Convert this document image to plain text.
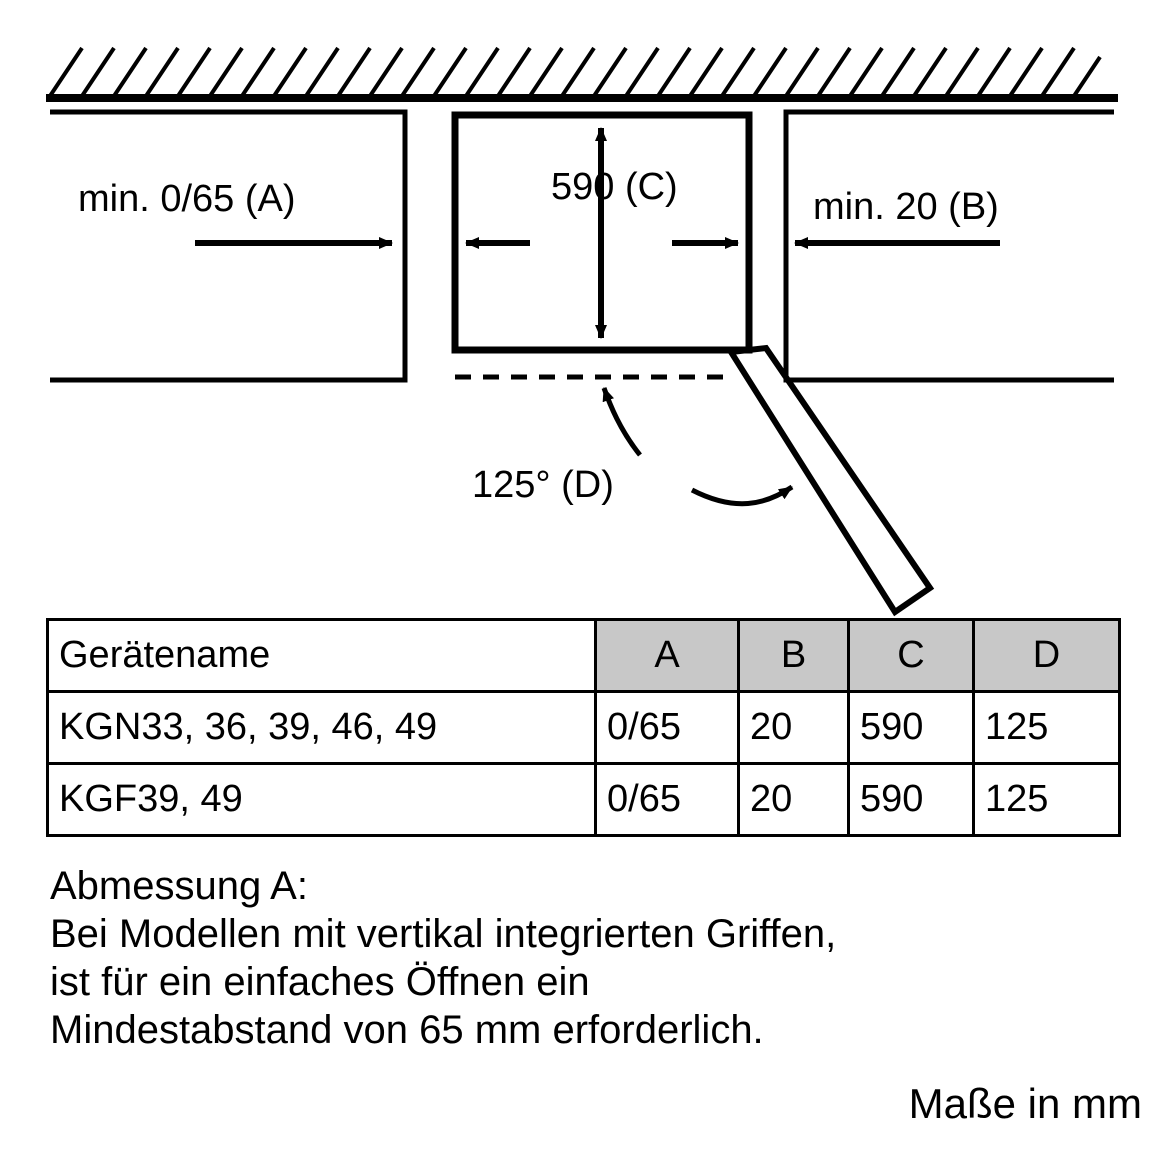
min. 0/65 (A)	min. 20 (B)
590 (C)
125° (D)
Gerätename	A	B	C	D
KGN33, 36, 39, 46, 49	0/65	20	590	125
KGF39, 49	0/65	20	590	125
Abmessung A:
Bei Modellen mit vertikal integrierten Griffen,
ist für ein einfaches Öffnen ein
Mindestabstand von 65 mm erforderlich.
Maße in mm
